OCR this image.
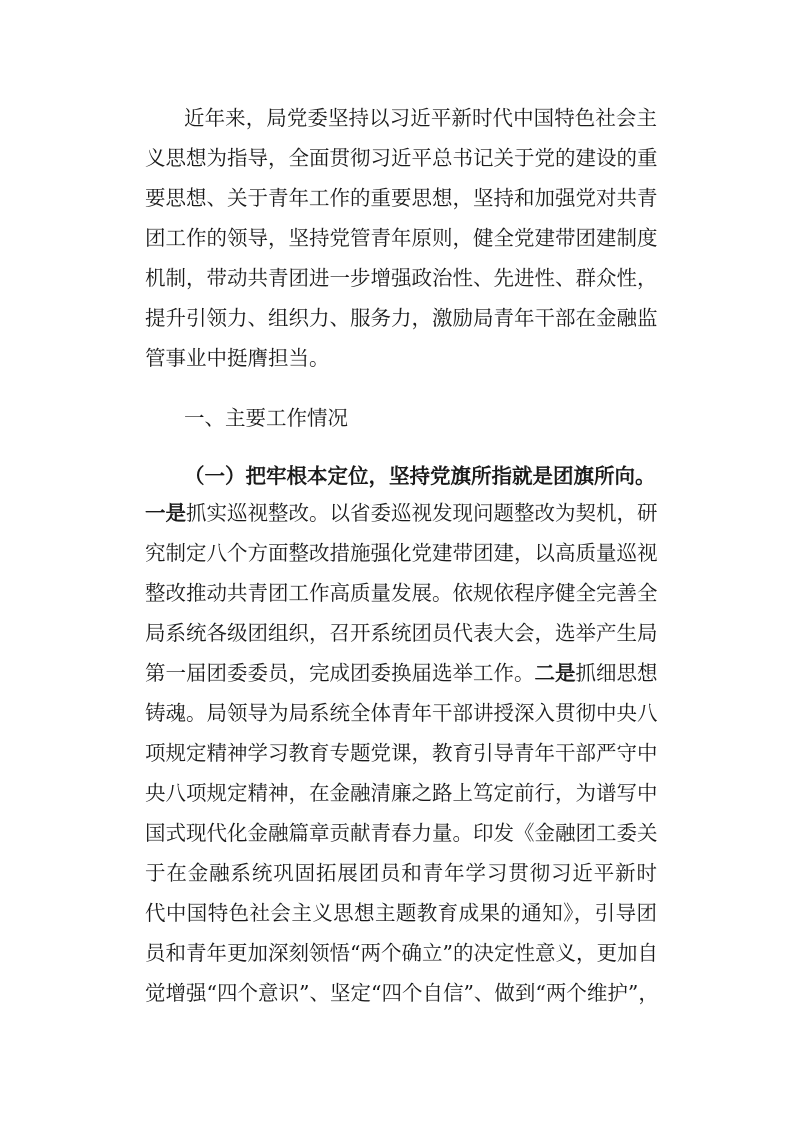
近年来，局党委坚持以习近平新时代中国特色社会主
义思想为指导，全面贯彻习近平总书记关于党的建设的重
要思想、关于青年工作的重要思想，坚持和加强党对共青
团工作的领导，坚持党管青年原则，健全党建带团建制度
机制，带动共青团进一步增强政治性、先进性、群众性，
提升引领力、组织力、服务力，激励局青年干部在金融监
管事业中挺膺担当。
一、主要工作情况
（一）把牢根本定位，坚持党旗所指就是团旗所向。
一是抓实巡视整改。以省委巡视发现问题整改为契机，研
究制定八个方面整改措施强化党建带团建，以高质量巡视
整改推动共青团工作高质量发展。依规依程序健全完善全
局系统各级团组织，召开系统团员代表大会，选举产生局
第一届团委委员，完成团委换届选举工作。二是抓细思想
铸魂。局领导为局系统全体青年干部讲授深入贯彻中央八
项规定精神学习教育专题党课，教育引导青年干部严守中
央八项规定精神，在金融清廉之路上笃定前行，为谱写中
国式现代化金融篇章贡献青春力量。印发《金融团工委关
于在金融系统巩固拓展团员和青年学习贯彻习近平新时
代中国特色社会主义思想主题教育成果的通知》，引导团
员和青年更加深刻领悟“两个确立”的决定性意义，更加自
觉增强“四个意识”、坚定“四个自信”、做到“两个维护”，
